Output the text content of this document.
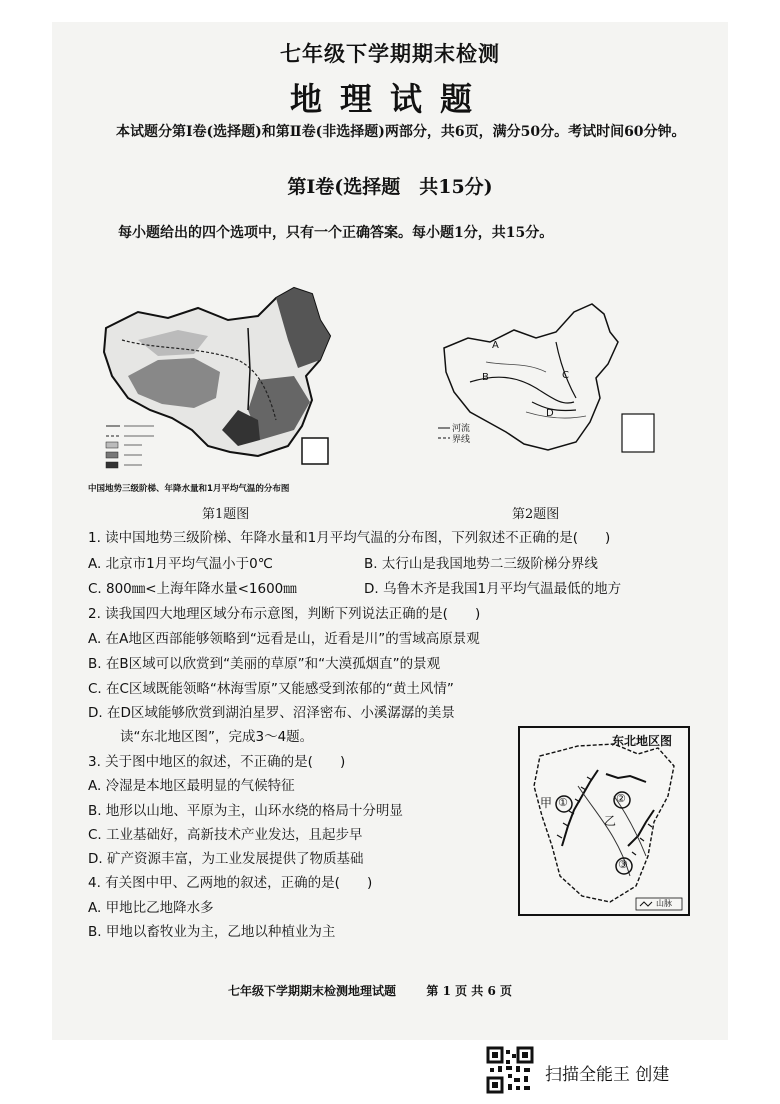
七年级下学期期末检测
地理试题
本试题分第Ⅰ卷(选择题)和第Ⅱ卷(非选择题)两部分，共6页，满分50分。考试时间60分钟。
第Ⅰ卷(选择题　共15分)
每小题给出的四个选项中，只有一个正确答案。每小题1分，共15分。
中国地势三级阶梯、年降水量和1月平均气温的分布图
第1题图
A
B	C
D
河流
界线
第2题图
1. 读中国地势三级阶梯、年降水量和1月平均气温的分布图，下列叙述不正确的是(　　)
A. 北京市1月平均气温小于0℃	B. 太行山是我国地势二三级阶梯分界线
C. 800㎜<上海年降水量<1600㎜	D. 乌鲁木齐是我国1月平均气温最低的地方
2. 读我国四大地理区域分布示意图，判断下列说法正确的是(　　)
A. 在A地区西部能够领略到“远看是山，近看是川”的雪域高原景观
B. 在B区域可以欣赏到“美丽的草原”和“大漠孤烟直”的景观
C. 在C区域既能领略“林海雪原”又能感受到浓郁的“黄土风情”
D. 在D区域能够欣赏到湖泊星罗、沼泽密布、小溪潺潺的美景
读“东北地区图”，完成3～4题。
3. 关于图中地区的叙述，不正确的是(　　)
A. 冷湿是本地区最明显的气候特征
B. 地形以山地、平原为主，山环水绕的格局十分明显
C. 工业基础好，高新技术产业发达，且起步早
D. 矿产资源丰富，为工业发展提供了物质基础
4. 有关图中甲、乙两地的叙述，正确的是(　　)
A. 甲地比乙地降水多
B. 甲地以畜牧业为主，乙地以种植业为主
东北地区图
甲
乙
①	②
③
山脉
七年级下学期期末检测地理试题	第 1 页 共 6 页
扫描全能王 创建
